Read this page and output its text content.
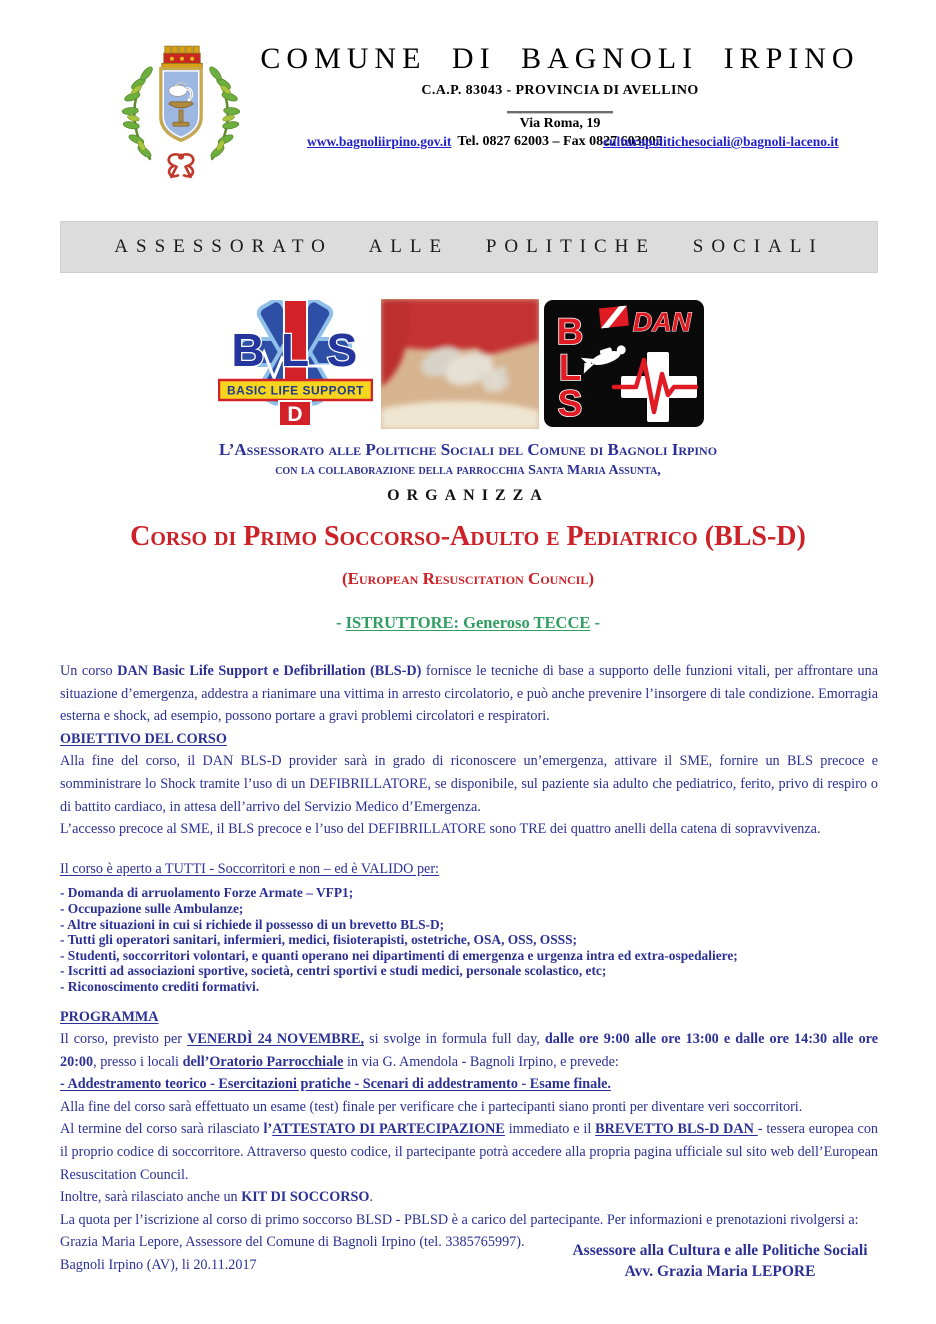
COMUNE DI BAGNOLI IRPINO
C.A.P. 83043 - PROVINCIA DI AVELLINO
Via Roma, 19
Tel. 0827 62003 – Fax 0827 603005
www.bagnoliirpino.gov.it	culturapolitichesociali@bagnoli-laceno.it
ASSESSORATO ALLE POLITICHE SOCIALI
B L S
BASIC LIFE SUPPORT
D
B
L
S
DAN
L’Assessorato alle Politiche Sociali del Comune di Bagnoli Irpino
con la collaborazione della parrocchia Santa Maria Assunta,
ORGANIZZA
Corso di Primo Soccorso-Adulto e Pediatrico (BLS-D)
(European Resuscitation Council)
- ISTRUTTORE: Generoso TECCE -

Un corso DAN Basic Life Support e Defibrillation (BLS-D) fornisce le tecniche di base a supporto delle funzioni vitali, per affrontare una situazione d’emergenza, addestra a rianimare una vittima in arresto circolatorio, e può anche prevenire l’insorgere di tale condizione. Emorragia esterna e shock, ad esempio, possono portare a gravi problemi circolatori e respiratori.

OBIETTIVO DEL CORSO

Alla fine del corso, il DAN BLS-D provider sarà in grado di riconoscere un’emergenza, attivare il SME, fornire un BLS precoce e somministrare lo Shock tramite l’uso di un DEFIBRILLATORE, se disponibile, sul paziente sia adulto che pediatrico, ferito, privo di respiro o di battito cardiaco, in attesa dell’arrivo del Servizio Medico d’Emergenza.

L’accesso precoce al SME, il BLS precoce e l’uso del DEFIBRILLATORE sono TRE dei quattro anelli della catena di sopravvivenza.

Il corso è aperto a TUTTI - Soccorritori e non – ed è VALIDO per:

- Domanda di arruolamento Forze Armate – VFP1;
- Occupazione sulle Ambulanze;
- Altre situazioni in cui si richiede il possesso di un brevetto BLS-D;
- Tutti gli operatori sanitari, infermieri, medici, fisioterapisti, ostetriche, OSA, OSS, OSSS;
- Studenti, soccorritori volontari, e quanti operano nei dipartimenti di emergenza e urgenza intra ed extra-ospedaliere;
- Iscritti ad associazioni sportive, società, centri sportivi e studi medici, personale scolastico, etc;
- Riconoscimento crediti formativi.

PROGRAMMA

Il corso, previsto per VENERDÌ 24 NOVEMBRE, si svolge in formula full day, dalle ore 9:00 alle ore 13:00 e dalle ore 14:30 alle ore 20:00, presso i locali dell’Oratorio Parrocchiale in via G. Amendola - Bagnoli Irpino, e prevede:

- Addestramento teorico - Esercitazioni pratiche - Scenari di addestramento - Esame finale.

Alla fine del corso sarà effettuato un esame (test) finale per verificare che i partecipanti siano pronti per diventare veri soccorritori.

Al termine del corso sarà rilasciato l’ATTESTATO DI PARTECIPAZIONE immediato e il BREVETTO BLS-D DAN - tessera europea con il proprio codice di soccorritore. Attraverso questo codice, il partecipante potrà accedere alla propria pagina ufficiale sul sito web dell’European Resuscitation Council.

Inoltre, sarà rilasciato anche un KIT DI SOCCORSO.

La quota per l’iscrizione al corso di primo soccorso BLSD - PBLSD è a carico del partecipante. Per informazioni e prenotazioni rivolgersi a:

Grazia Maria Lepore, Assessore del Comune di Bagnoli Irpino (tel. 3385765997).

Bagnoli Irpino (AV), li 20.11.2017

Assessore alla Cultura e alle Politiche Sociali
Avv. Grazia Maria LEPORE
